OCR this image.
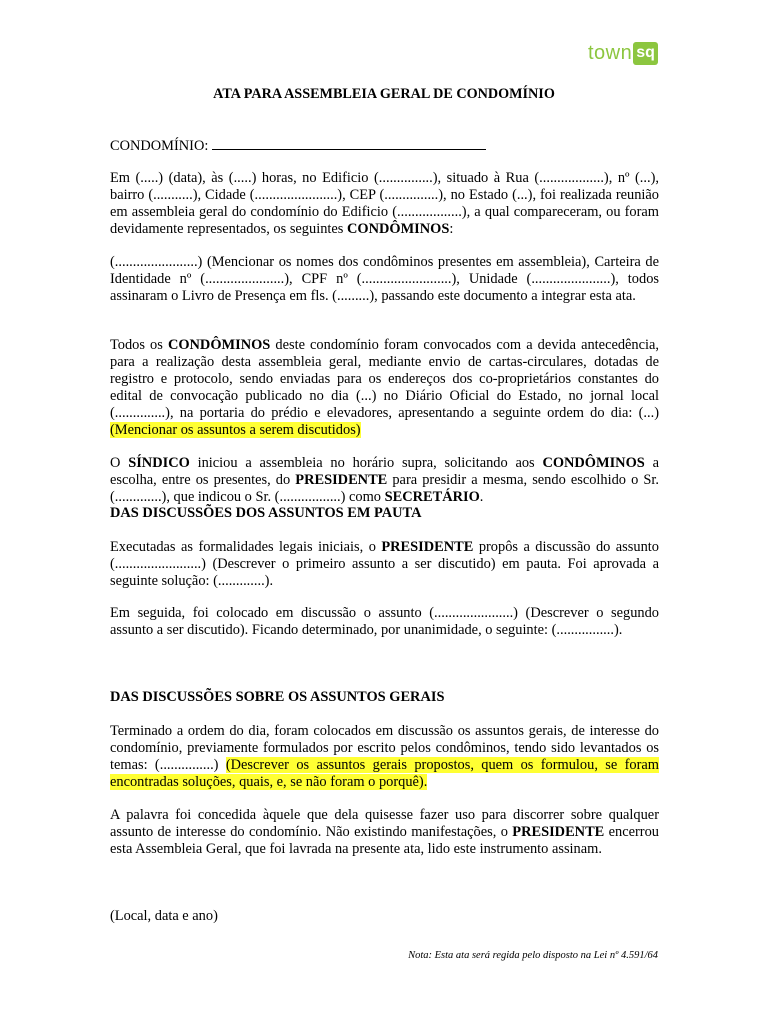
town sq
ATA PARA ASSEMBLEIA GERAL DE CONDOMÍNIO
CONDOMÍNIO:

Em (.....) (data), às (.....) horas, no Edificio (...............), situado à Rua (..................), nº (...), bairro (...........), Cidade (.......................), CEP (...............), no Estado (...), foi realizada reunião em assembleia geral do condomínio do Edificio (..................), a qual compareceram, ou foram devidamente representados, os seguintes CONDÔMINOS:

(.......................) (Mencionar os nomes dos condôminos presentes em assembleia), Carteira de Identidade nº (......................), CPF nº (.........................), Unidade (......................), todos assinaram o Livro de Presença em fls. (.........), passando este documento a integrar esta ata.

Todos os CONDÔMINOS deste condomínio foram convocados com a devida antecedência, para a realização desta assembleia geral, mediante envio de cartas-circulares, dotadas de registro e protocolo, sendo enviadas para os endereços dos co-proprietários constantes do edital de convocação publicado no dia (...) no Diário Oficial do Estado, no jornal local (..............), na portaria do prédio e elevadores, apresentando a seguinte ordem do dia: (...) (Mencionar os assuntos a serem discutidos)

O SÍNDICO iniciou a assembleia no horário supra, solicitando aos CONDÔMINOS a escolha, entre os presentes, do PRESIDENTE para presidir a mesma, sendo escolhido o Sr. (.............), que indicou o Sr. (.................) como SECRETÁRIO.

DAS DISCUSSÕES DOS ASSUNTOS EM PAUTA

Executadas as formalidades legais iniciais, o PRESIDENTE propôs a discussão do assunto (........................) (Descrever o primeiro assunto a ser discutido) em pauta. Foi aprovada a seguinte solução: (.............).

Em seguida, foi colocado em discussão o assunto (......................) (Descrever o segundo assunto a ser discutido). Ficando determinado, por unanimidade, o seguinte: (................).

DAS DISCUSSÕES SOBRE OS ASSUNTOS GERAIS

Terminado a ordem do dia, foram colocados em discussão os assuntos gerais, de interesse do condomínio, previamente formulados por escrito pelos condôminos, tendo sido levantados os temas: (...............) (Descrever os assuntos gerais propostos, quem os formulou, se foram encontradas soluções, quais, e, se não foram o porquê).

A palavra foi concedida àquele que dela quisesse fazer uso para discorrer sobre qualquer assunto de interesse do condomínio. Não existindo manifestações, o PRESIDENTE encerrou esta Assembleia Geral, que foi lavrada na presente ata, lido este instrumento assinam.

(Local, data e ano)

Nota: Esta ata será regida pelo disposto na Lei nº 4.591/64
